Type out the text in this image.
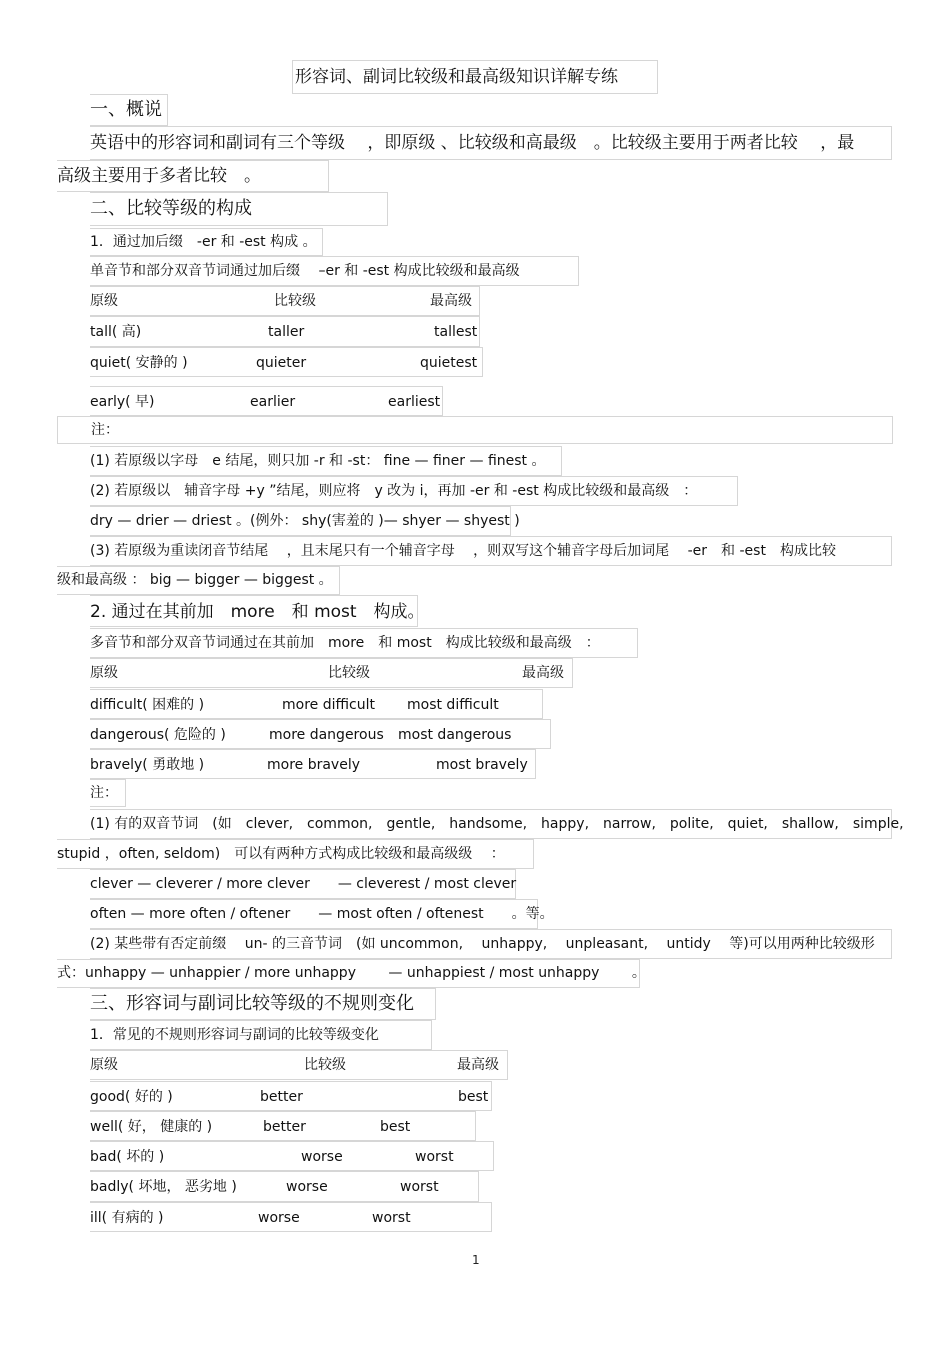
形容词、副词比较级和最高级知识详解专练
一、概说
英语中的形容词和副词有三个等级　 ，即原级 、比较级和高最级　。比较级主要用于两者比较　 ，最
高级主要用于多者比较　。
二、比较等级的构成
1．通过加后缀　-er 和 -est 构成 。
单音节和部分双音节词通过加后缀　 –er 和 -est 构成比较级和最高级
原级	比较级	最高级
tall( 高)	taller	tallest
quiet( 安静的 )	quieter	quietest
early( 早)	earlier	earliest
注：
(1) 若原级以字母　e 结尾，则只加 -r 和 -st： fine — finer — finest 。
(2) 若原级以　辅音字母 +y ”结尾，则应将　y 改为 i，再加 -er 和 -est 构成比较级和最高级　：
dry — drier — driest 。(例外： shy(害羞的 )— shyer — shyest )
(3) 若原级为重读闭音节结尾　 ，且末尾只有一个辅音字母　 ，则双写这个辅音字母后加词尾　 -er　和 -est　构成比较
级和最高级 ： big — bigger — biggest 。
2. 通过在其前加　more　和 most　构成。
多音节和部分双音节词通过在其前加　more　和 most　构成比较级和最高级　：
原级	比较级	最高级
difficult( 困难的 )	more difficult most difficult
dangerous( 危险的 )	more dangerous most dangerous
bravely( 勇敢地 )	more bravely	most bravely
注：
(1) 有的双音节词　(如　clever,　common,　gentle,　handsome,　happy,　narrow,　polite,　quiet,　shallow,　simple,
stupid ，often, seldom)　可以有两种方式构成比较级和最高级级　 ：
clever — cleverer / more clever　　— cleverest / most clever
often — more often / oftener　　— most often / oftenest　　。等。
(2) 某些带有否定前缀　 un- 的三音节词　(如 uncommon,　 unhappy,　 unpleasant,　 untidy　 等)可以用两种比较级形
式：unhappy — unhappier / more unhappy　　 — unhappiest / most unhappy　　 。
三、形容词与副词比较等级的不规则变化
1．常见的不规则形容词与副词的比较等级变化
原级	比较级	最高级
good( 好的 )	better	best
well( 好， 健康的 )	better	best
bad( 坏的 )	worse	worst
badly( 坏地， 恶劣地 )	worse	worst
ill( 有病的 )	worse	worst
1
